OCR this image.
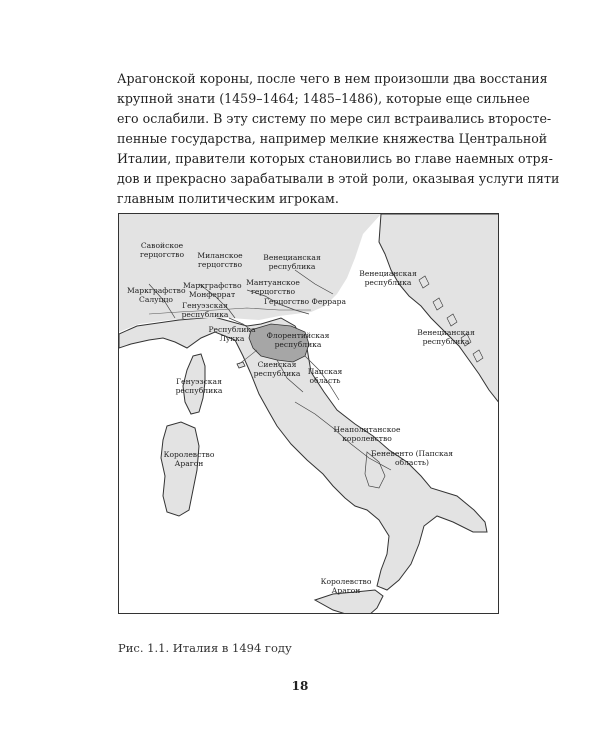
Арагонской короны, после чего в нем произошли два восстания
крупной знати (1459–1464; 1485–1486), которые еще сильнее
его ослабили. В эту систему по мере сил встраивались второсте-
пенные государства, например мелкие княжества Центральной
Италии, правители которых становились во главе наемных отря-
дов и прекрасно зарабатывали в этой роли, оказывая услуги пяти
главным политическим игрокам.
Савойское герцогство	Миланское герцогство
Венецианская республика
Венецианская республика
Венецианская республика
Маркграфство Салуццо
Маркграфство Монферрат
Мантуанское герцогство
Герцогство Феррара
Генуэзская республика
Республика Лукка	Флорентийская республика
Сиенская республика Папская область
Генуэзская республика
Неаполитанское королевство
Беневенто (Папская область)
Королевство Арагон
Королевство Арагон
Рис. 1.1. Италия в 1494 году
18
